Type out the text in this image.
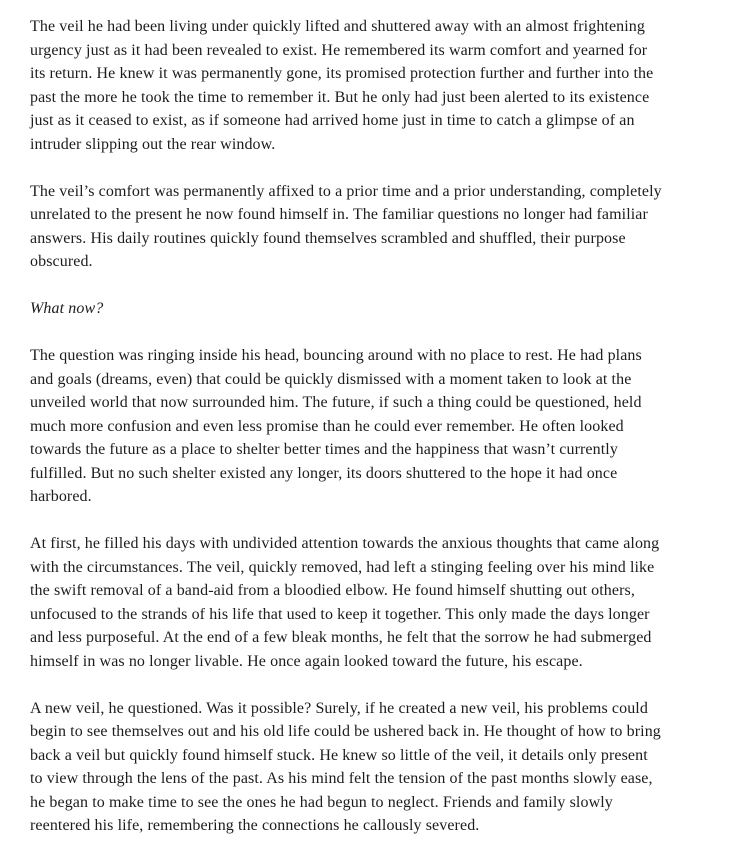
The veil he had been living under quickly lifted and shuttered away with an almost frightening
urgency just as it had been revealed to exist. He remembered its warm comfort and yearned for
its return. He knew it was permanently gone, its promised protection further and further into the
past the more he took the time to remember it. But he only had just been alerted to its existence
just as it ceased to exist, as if someone had arrived home just in time to catch a glimpse of an
intruder slipping out the rear window.
The veil’s comfort was permanently affixed to a prior time and a prior understanding, completely
unrelated to the present he now found himself in. The familiar questions no longer had familiar
answers. His daily routines quickly found themselves scrambled and shuffled, their purpose
obscured.
What now?
The question was ringing inside his head, bouncing around with no place to rest. He had plans
and goals (dreams, even) that could be quickly dismissed with a moment taken to look at the
unveiled world that now surrounded him. The future, if such a thing could be questioned, held
much more confusion and even less promise than he could ever remember. He often looked
towards the future as a place to shelter better times and the happiness that wasn’t currently
fulfilled. But no such shelter existed any longer, its doors shuttered to the hope it had once
harbored.
At first, he filled his days with undivided attention towards the anxious thoughts that came along
with the circumstances. The veil, quickly removed, had left a stinging feeling over his mind like
the swift removal of a band-aid from a bloodied elbow. He found himself shutting out others,
unfocused to the strands of his life that used to keep it together. This only made the days longer
and less purposeful. At the end of a few bleak months, he felt that the sorrow he had submerged
himself in was no longer livable. He once again looked toward the future, his escape.
A new veil, he questioned. Was it possible? Surely, if he created a new veil, his problems could
begin to see themselves out and his old life could be ushered back in. He thought of how to bring
back a veil but quickly found himself stuck. He knew so little of the veil, it details only present
to view through the lens of the past. As his mind felt the tension of the past months slowly ease,
he began to make time to see the ones he had begun to neglect. Friends and family slowly
reentered his life, remembering the connections he callously severed.
